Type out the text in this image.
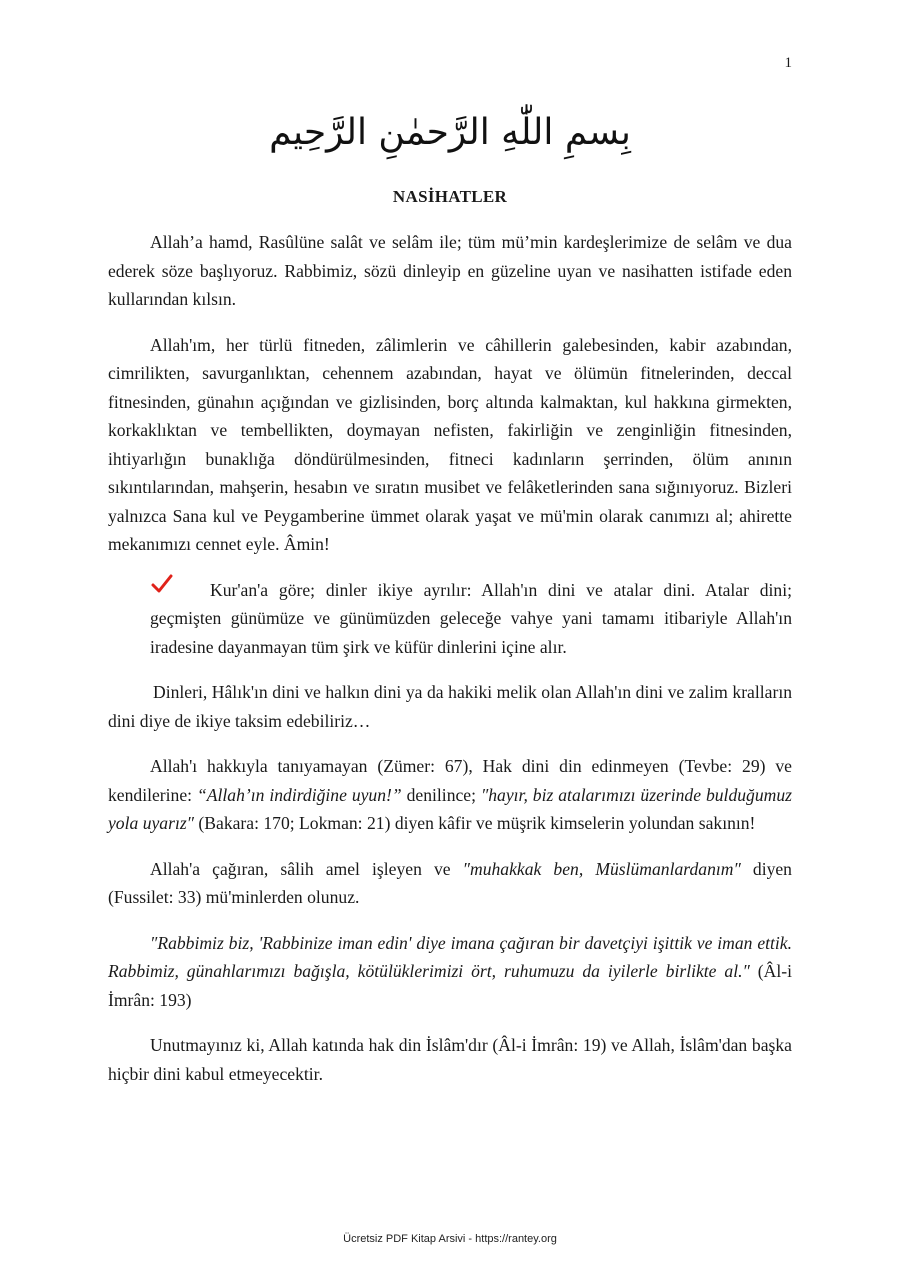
1
بِسمِ اللّٰهِ الرَّحمٰنِ الرَّحِيم
NASİHATLER

Allah’a hamd, Rasûlüne salât ve selâm ile; tüm mü’min kardeşlerimize de selâm ve dua ederek söze başlıyoruz. Rabbimiz, sözü dinleyip en güzeline uyan ve nasihatten istifade eden kullarından kılsın.

Allah'ım, her türlü fitneden, zâlimlerin ve câhillerin galebesinden, kabir azabından, cimrilikten, savurganlıktan, cehennem azabından, hayat ve ölümün fitnelerinden, deccal fitnesinden, günahın açığından ve gizlisinden, borç altında kalmaktan, kul hakkına girmekten, korkaklıktan ve tembellikten, doymayan nefisten, fakirliğin ve zenginliğin fitnesinden, ihtiyarlığın bunaklığa döndürülmesinden, fitneci kadınların şerrinden, ölüm anının sıkıntılarından, mahşerin, hesabın ve sıratın musibet ve felâketlerinden sana sığınıyoruz. Bizleri yalnızca Sana kul ve Peygamberine ümmet olarak yaşat ve mü'min olarak canımızı al; ahirette mekanımızı cennet eyle. Âmin!

Kur'an'a göre; dinler ikiye ayrılır: Allah'ın dini ve atalar dini. Atalar dini; geçmişten günümüze ve günümüzden geleceğe vahye yani tamamı itibariyle Allah'ın iradesine dayanmayan tüm şirk ve küfür dinlerini içine alır.

Dinleri, Hâlık'ın dini ve halkın dini ya da hakiki melik olan Allah'ın dini ve zalim kralların dini diye de ikiye taksim edebiliriz…

Allah'ı hakkıyla tanıyamayan (Zümer: 67), Hak dini din edinmeyen (Tevbe: 29) ve kendilerine: “Allah’ın indirdiğine uyun!” denilince; ″hayır, biz atalarımızı üzerinde bulduğumuz yola uyarız″ (Bakara: 170; Lokman: 21) diyen kâfir ve müşrik kimselerin yolundan sakının!

Allah'a çağıran, sâlih amel işleyen ve ″muhakkak ben, Müslümanlardanım″ diyen (Fussilet: 33) mü'minlerden olunuz.

″Rabbimiz biz, 'Rabbinize iman edin' diye imana çağıran bir davetçiyi işittik ve iman ettik. Rabbimiz, günahlarımızı bağışla, kötülüklerimizi ört, ruhumuzu da iyilerle birlikte al.″ (Âl-i İmrân: 193)

Unutmayınız ki, Allah katında hak din İslâm'dır (Âl-i İmrân: 19) ve Allah, İslâm'dan başka hiçbir dini kabul etmeyecektir.

Ücretsiz PDF Kitap Arsivi - https://rantey.org
